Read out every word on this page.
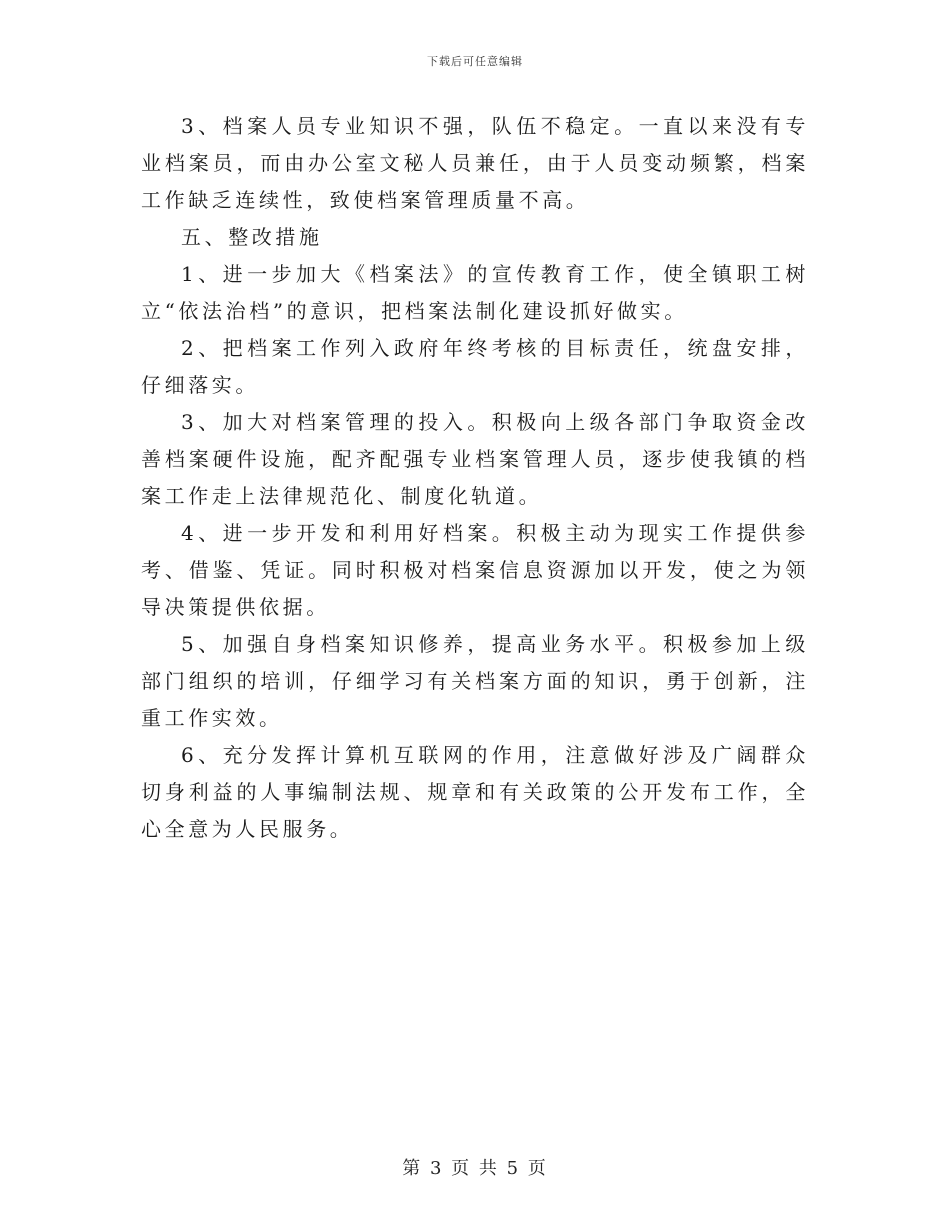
下载后可任意编辑

3、档案人员专业知识不强，队伍不稳定。一直以来没有专业档案员，而由办公室文秘人员兼任，由于人员变动频繁，档案工作缺乏连续性，致使档案管理质量不高。

五、整改措施

1、进一步加大《档案法》的宣传教育工作，使全镇职工树立“依法治档”的意识，把档案法制化建设抓好做实。

2、把档案工作列入政府年终考核的目标责任，统盘安排，仔细落实。

3、加大对档案管理的投入。积极向上级各部门争取资金改善档案硬件设施，配齐配强专业档案管理人员，逐步使我镇的档案工作走上法律规范化、制度化轨道。

4、进一步开发和利用好档案。积极主动为现实工作提供参考、借鉴、凭证。同时积极对档案信息资源加以开发，使之为领导决策提供依据。

5、加强自身档案知识修养，提高业务水平。积极参加上级部门组织的培训，仔细学习有关档案方面的知识，勇于创新，注重工作实效。

6、充分发挥计算机互联网的作用，注意做好涉及广阔群众切身利益的人事编制法规、规章和有关政策的公开发布工作，全心全意为人民服务。

第 3 页 共 5 页
